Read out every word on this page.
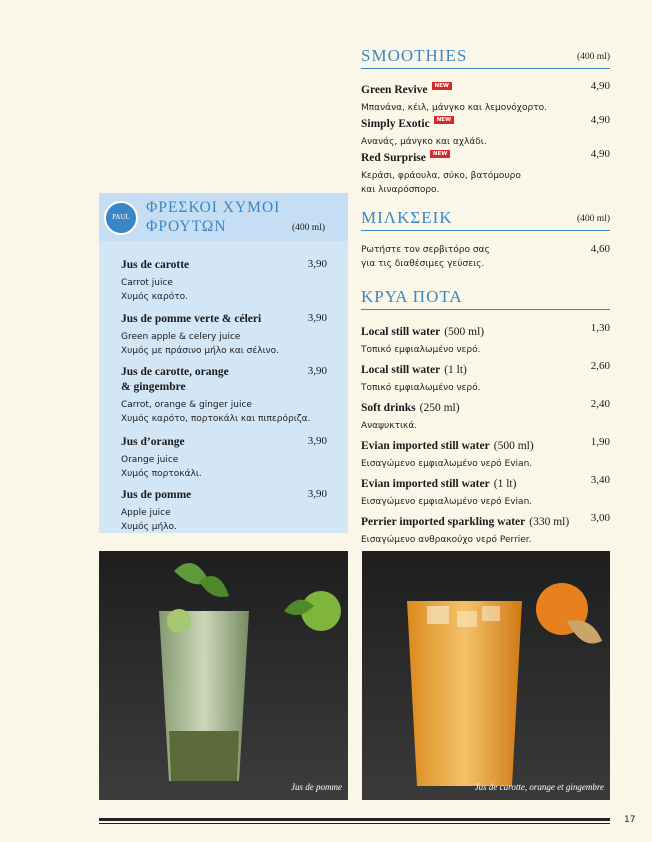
SMOOTHIES	(400 ml)
Green Revive NEW	4,90
Μπανάνα, κέιλ, μάνγκο και λεμονόχορτο.
Simply Exotic NEW	4,90
Ανανάς, μάνγκο και αχλάδι.
Red Surprise NEW	4,90
Κεράσι, φράουλα, σύκο, βατόμουρο
και λιναρόσπορο.
ΜΙΛΚΣΕΙΚ	(400 ml)
4,60
Ρωτήστε τον σερβιτόρο σας
για τις διαθέσιμες γεύσεις.
ΚΡΥΑ ΠΟΤΑ
Local still water (500 ml)	1,30
Τοπικό εμφιαλωμένο νερό.
Local still water (1 lt)	2,60
Τοπικό εμφιαλωμένο νερό.
Soft drinks (250 ml)	2,40
Αναψυκτικά.
Evian imported still water (500 ml)	1,90
Εισαγώμενο εμφιαλωμένο νερό Evian.
Evian imported still water (1 lt)	3,40
Εισαγώμενο εμφιαλωμένο νερό Evian.
Perrier imported sparkling water (330 ml) 3,00
Εισαγώμενο ανθρακούχο νερό Perrier.
PAUL
ΦΡΕΣΚΟΙ ΧΥΜΟΙ
ΦΡΟΥΤΩΝ	(400 ml)
Jus de carotte	3,90
Carrot juice
Χυμός καρότο.
Jus de pomme verte & céleri	3,90
Green apple & celery juice
Χυμός με πράσινο μήλο και σέλινο.
Jus de carotte, orange
& gingembre
3,90
Carrot, orange & ginger juice
Χυμός καρότο, πορτοκάλι και πιπερόριζα.
Jus d’orange	3,90
Orange juice
Χυμός πορτοκάλι.
Jus de pomme	3,90
Apple juice
Χυμός μήλο.
Jus de pomme	Jus de carotte, orange et gingembre
17
